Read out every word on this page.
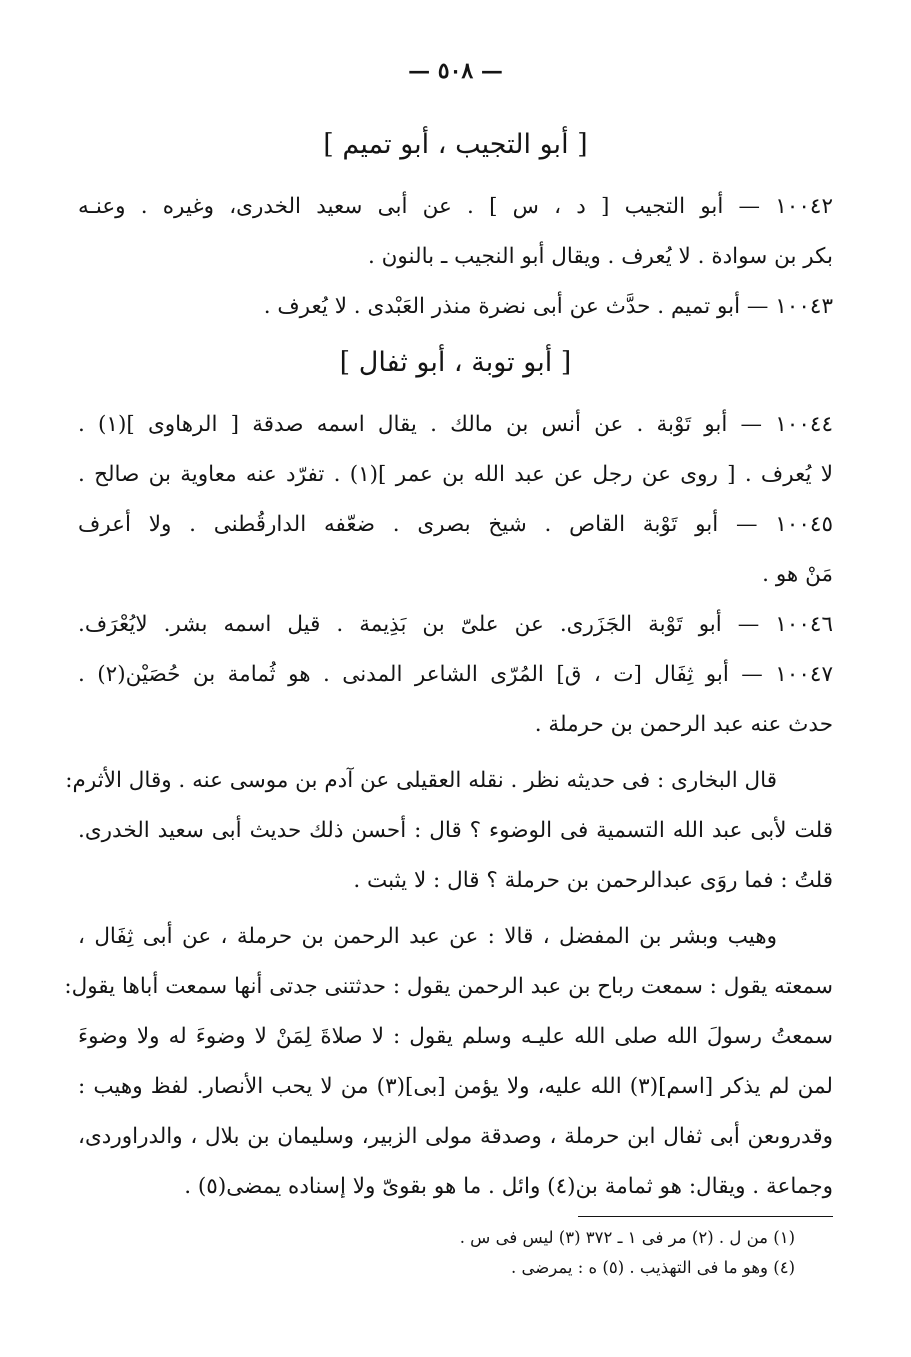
— ٥٠٨ —
[ أبو التجيب ، أبو تميم ]
١٠٠٤٢ — أبو التجيب [ د ، س ] . عن أبى سعيد الخدرى، وغيره . وعنـه
بكر بن سوادة . لا يُعرف . ويقال أبو النجيب ـ بالنون .
١٠٠٤٣ — أبو تميم . حدَّث عن أبى نضرة منذر العَبْدى . لا يُعرف .
[ أبو توبة ، أبو ثفال ]
١٠٠٤٤ — أبو تَوْبة . عن أنس بن مالك . يقال اسمه صدقة [ الرهاوى ](١) .
لا يُعرف . [ روى عن رجل عن عبد الله بن عمر ](١) . تفرّد عنه معاوية بن صالح .
١٠٠٤٥ — أبو تَوْبة القاص . شيخ بصرى . ضعّفه الدارقُطنى . ولا أعرف
مَنْ هو .
١٠٠٤٦ — أبو تَوْبة الجَزَرى. عن علىّ بن بَذِيمة . قيل اسمه بشر. لايُعْرَف.
١٠٠٤٧ — أبو ثِفَال [ت ، ق] المُرّى الشاعر المدنى . هو ثُمامة بن حُصَيْن(٢) .
حدث عنه عبد الرحمن بن حرملة .
قال البخارى : فى حديثه نظر . نقله العقيلى عن آدم بن موسى عنه . وقال الأثرم:
قلت لأبى عبد الله التسمية فى الوضوء ؟ قال : أحسن ذلك حديث أبى سعيد الخدرى.
قلتُ : فما روَى عبدالرحمن بن حرملة ؟ قال : لا يثبت .
وهيب وبشر بن المفضل ، قالا : عن عبد الرحمن بن حرملة ، عن أبى ثِفَال ،
سمعته يقول : سمعت رباح بن عبد الرحمن يقول : حدثتنى جدتى أنها سمعت أباها يقول:
سمعتُ رسولَ الله صلى الله عليـه وسلم يقول : لا صلاةَ لِمَنْ لا وضوءَ له ولا وضوءَ
لمن لم يذكر [اسم](٣) الله عليه، ولا يؤمن [بى](٣) من لا يحب الأنصار. لفظ وهيب :
وقدروىعن أبى ثفال ابن حرملة ، وصدقة مولى الزبير، وسليمان بن بلال ، والدراوردى،
وجماعة . ويقال: هو ثمامة بن(٤) وائل . ما هو بقوىّ ولا إسناده يمضى(٥) .
(١) من ل . (٢) مر فى ١ ـ ٣٧٢ (٣) ليس فى س .
(٤) وهو ما فى التهذيب . (٥) ه : يمرضى .
